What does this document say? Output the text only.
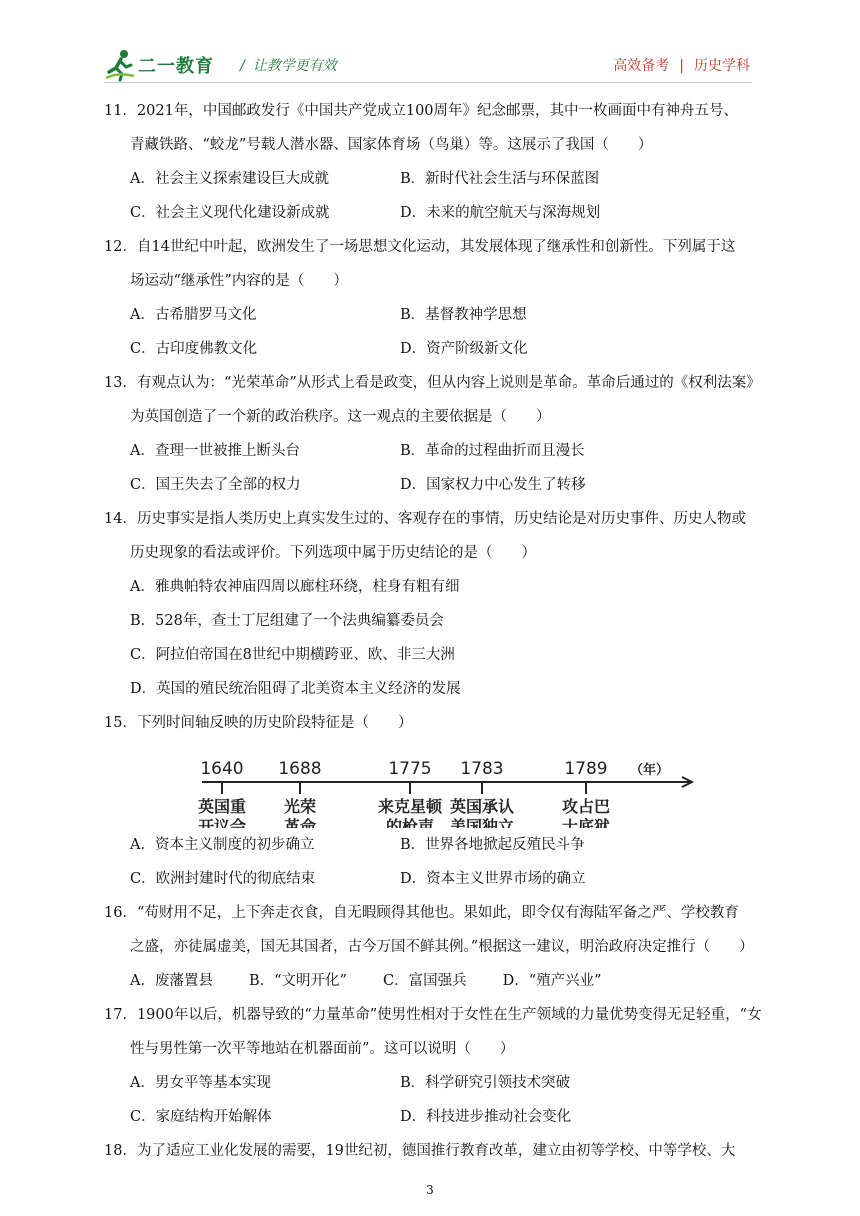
二一教育 / 让教学更有效	高效备考 | 历史学科
11．2021年，中国邮政发行《中国共产党成立100周年》纪念邮票，其中一枚画面中有神舟五号、
青藏铁路、“蛟龙”号载人潜水器、国家体育场（鸟巢）等。这展示了我国（　　）
A．社会主义探索建设巨大成就	B．新时代社会生活与环保蓝图
C．社会主义现代化建设新成就	D．未来的航空航天与深海规划
12．自14世纪中叶起，欧洲发生了一场思想文化运动，其发展体现了继承性和创新性。下列属于这
场运动“继承性”内容的是（　　）
A．古希腊罗马文化	B．基督教神学思想
C．古印度佛教文化	D．资产阶级新文化
13．有观点认为：“光荣革命”从形式上看是政变，但从内容上说则是革命。革命后通过的《权利法案》
为英国创造了一个新的政治秩序。这一观点的主要依据是（　　）
A．查理一世被推上断头台	B．革命的过程曲折而且漫长
C．国王失去了全部的权力	D．国家权力中心发生了转移
14．历史事实是指人类历史上真实发生过的、客观存在的事情，历史结论是对历史事件、历史人物或
历史现象的看法或评价。下列选项中属于历史结论的是（　　）
A．雅典帕特农神庙四周以廊柱环绕，柱身有粗有细
B．528年，查士丁尼组建了一个法典编纂委员会
C．阿拉伯帝国在8世纪中期横跨亚、欧、非三大洲
D．英国的殖民统治阻碍了北美资本主义经济的发展
15．下列时间轴反映的历史阶段特征是（　　）
（年）
1640
英国重
开议会
1688
光荣
革命
1775
来克星顿
的枪声
1783
英国承认
美国独立
1789
攻占巴
士底狱
A．资本主义制度的初步确立	B．世界各地掀起反殖民斗争
C．欧洲封建时代的彻底结束	D．资本主义世界市场的确立
16．“苟财用不足，上下奔走衣食，自无暇顾得其他也。果如此，即令仅有海陆军备之严、学校教育
之盛，亦徒属虚美，国无其国者，古今万国不鲜其例。”根据这一建议，明治政府决定推行（　　）
A．废藩置县 B．“文明开化” C．富国强兵 D．“殖产兴业”
17．1900年以后，机器导致的“力量革命”使男性相对于女性在生产领域的力量优势变得无足轻重，“女
性与男性第一次平等地站在机器面前”。这可以说明（　　）
A．男女平等基本实现	B．科学研究引领技术突破
C．家庭结构开始解体	D．科技进步推动社会变化
18．为了适应工业化发展的需要，19世纪初，德国推行教育改革，建立由初等学校、中等学校、大
3
